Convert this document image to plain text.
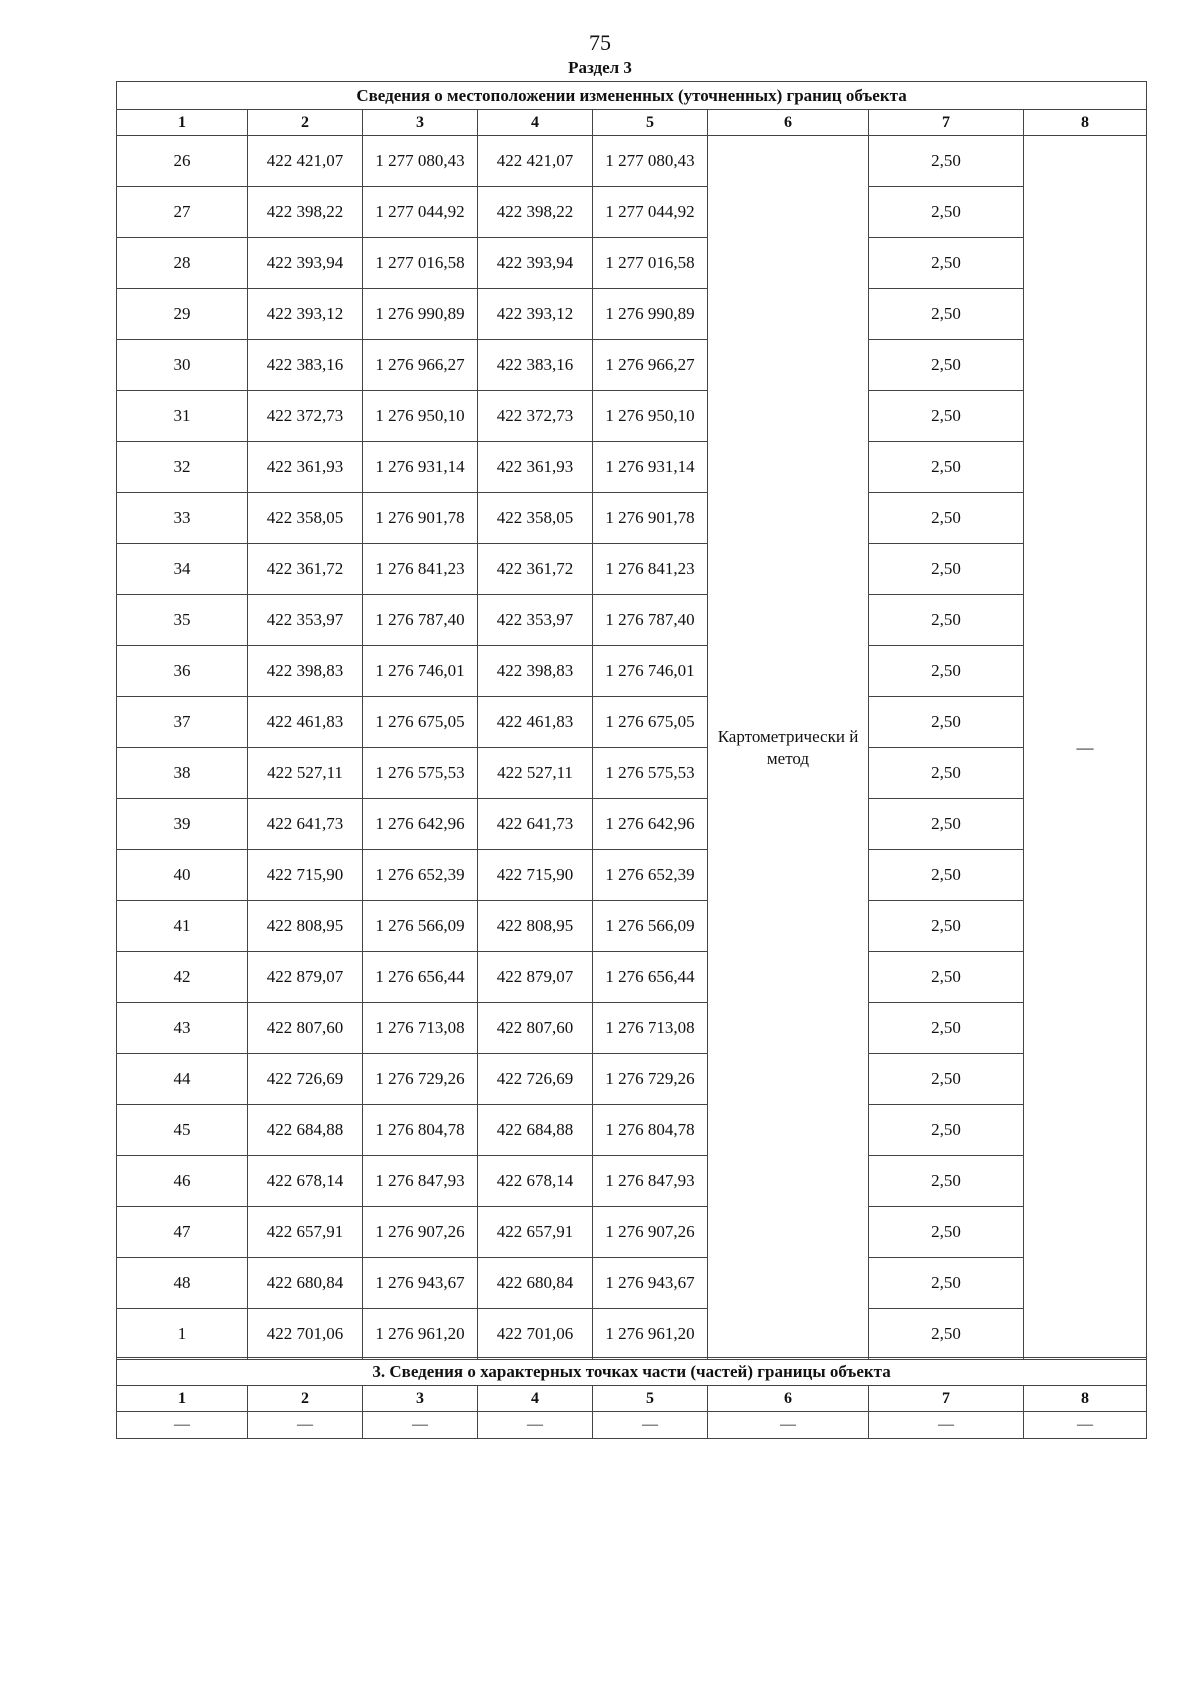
75
Раздел 3
Сведения о местоположении измененных (уточненных) границ объекта							
1	2	3	4	5	6	7	8
26	422 421,07	1 277 080,43	422 421,07	1 277 080,43	Картометрически й метод	2,50	—
27	422 398,22	1 277 044,92	422 398,22	1 277 044,92		2,50	
28	422 393,94	1 277 016,58	422 393,94	1 277 016,58		2,50	
29	422 393,12	1 276 990,89	422 393,12	1 276 990,89		2,50	
30	422 383,16	1 276 966,27	422 383,16	1 276 966,27		2,50	
31	422 372,73	1 276 950,10	422 372,73	1 276 950,10		2,50	
32	422 361,93	1 276 931,14	422 361,93	1 276 931,14		2,50	
33	422 358,05	1 276 901,78	422 358,05	1 276 901,78		2,50	
34	422 361,72	1 276 841,23	422 361,72	1 276 841,23		2,50	
35	422 353,97	1 276 787,40	422 353,97	1 276 787,40		2,50	
36	422 398,83	1 276 746,01	422 398,83	1 276 746,01		2,50	
37	422 461,83	1 276 675,05	422 461,83	1 276 675,05		2,50	
38	422 527,11	1 276 575,53	422 527,11	1 276 575,53		2,50	
39	422 641,73	1 276 642,96	422 641,73	1 276 642,96		2,50	
40	422 715,90	1 276 652,39	422 715,90	1 276 652,39		2,50	
41	422 808,95	1 276 566,09	422 808,95	1 276 566,09		2,50	
42	422 879,07	1 276 656,44	422 879,07	1 276 656,44		2,50	
43	422 807,60	1 276 713,08	422 807,60	1 276 713,08		2,50	
44	422 726,69	1 276 729,26	422 726,69	1 276 729,26		2,50	
45	422 684,88	1 276 804,78	422 684,88	1 276 804,78		2,50	
46	422 678,14	1 276 847,93	422 678,14	1 276 847,93		2,50	
47	422 657,91	1 276 907,26	422 657,91	1 276 907,26		2,50	
48	422 680,84	1 276 943,67	422 680,84	1 276 943,67		2,50	
1	422 701,06	1 276 961,20	422 701,06	1 276 961,20		2,50	
3. Сведения о характерных точках части (частей) границы объекта							
1	2	3	4	5	6	7	8
—	—	—	—	—	—	—	—
